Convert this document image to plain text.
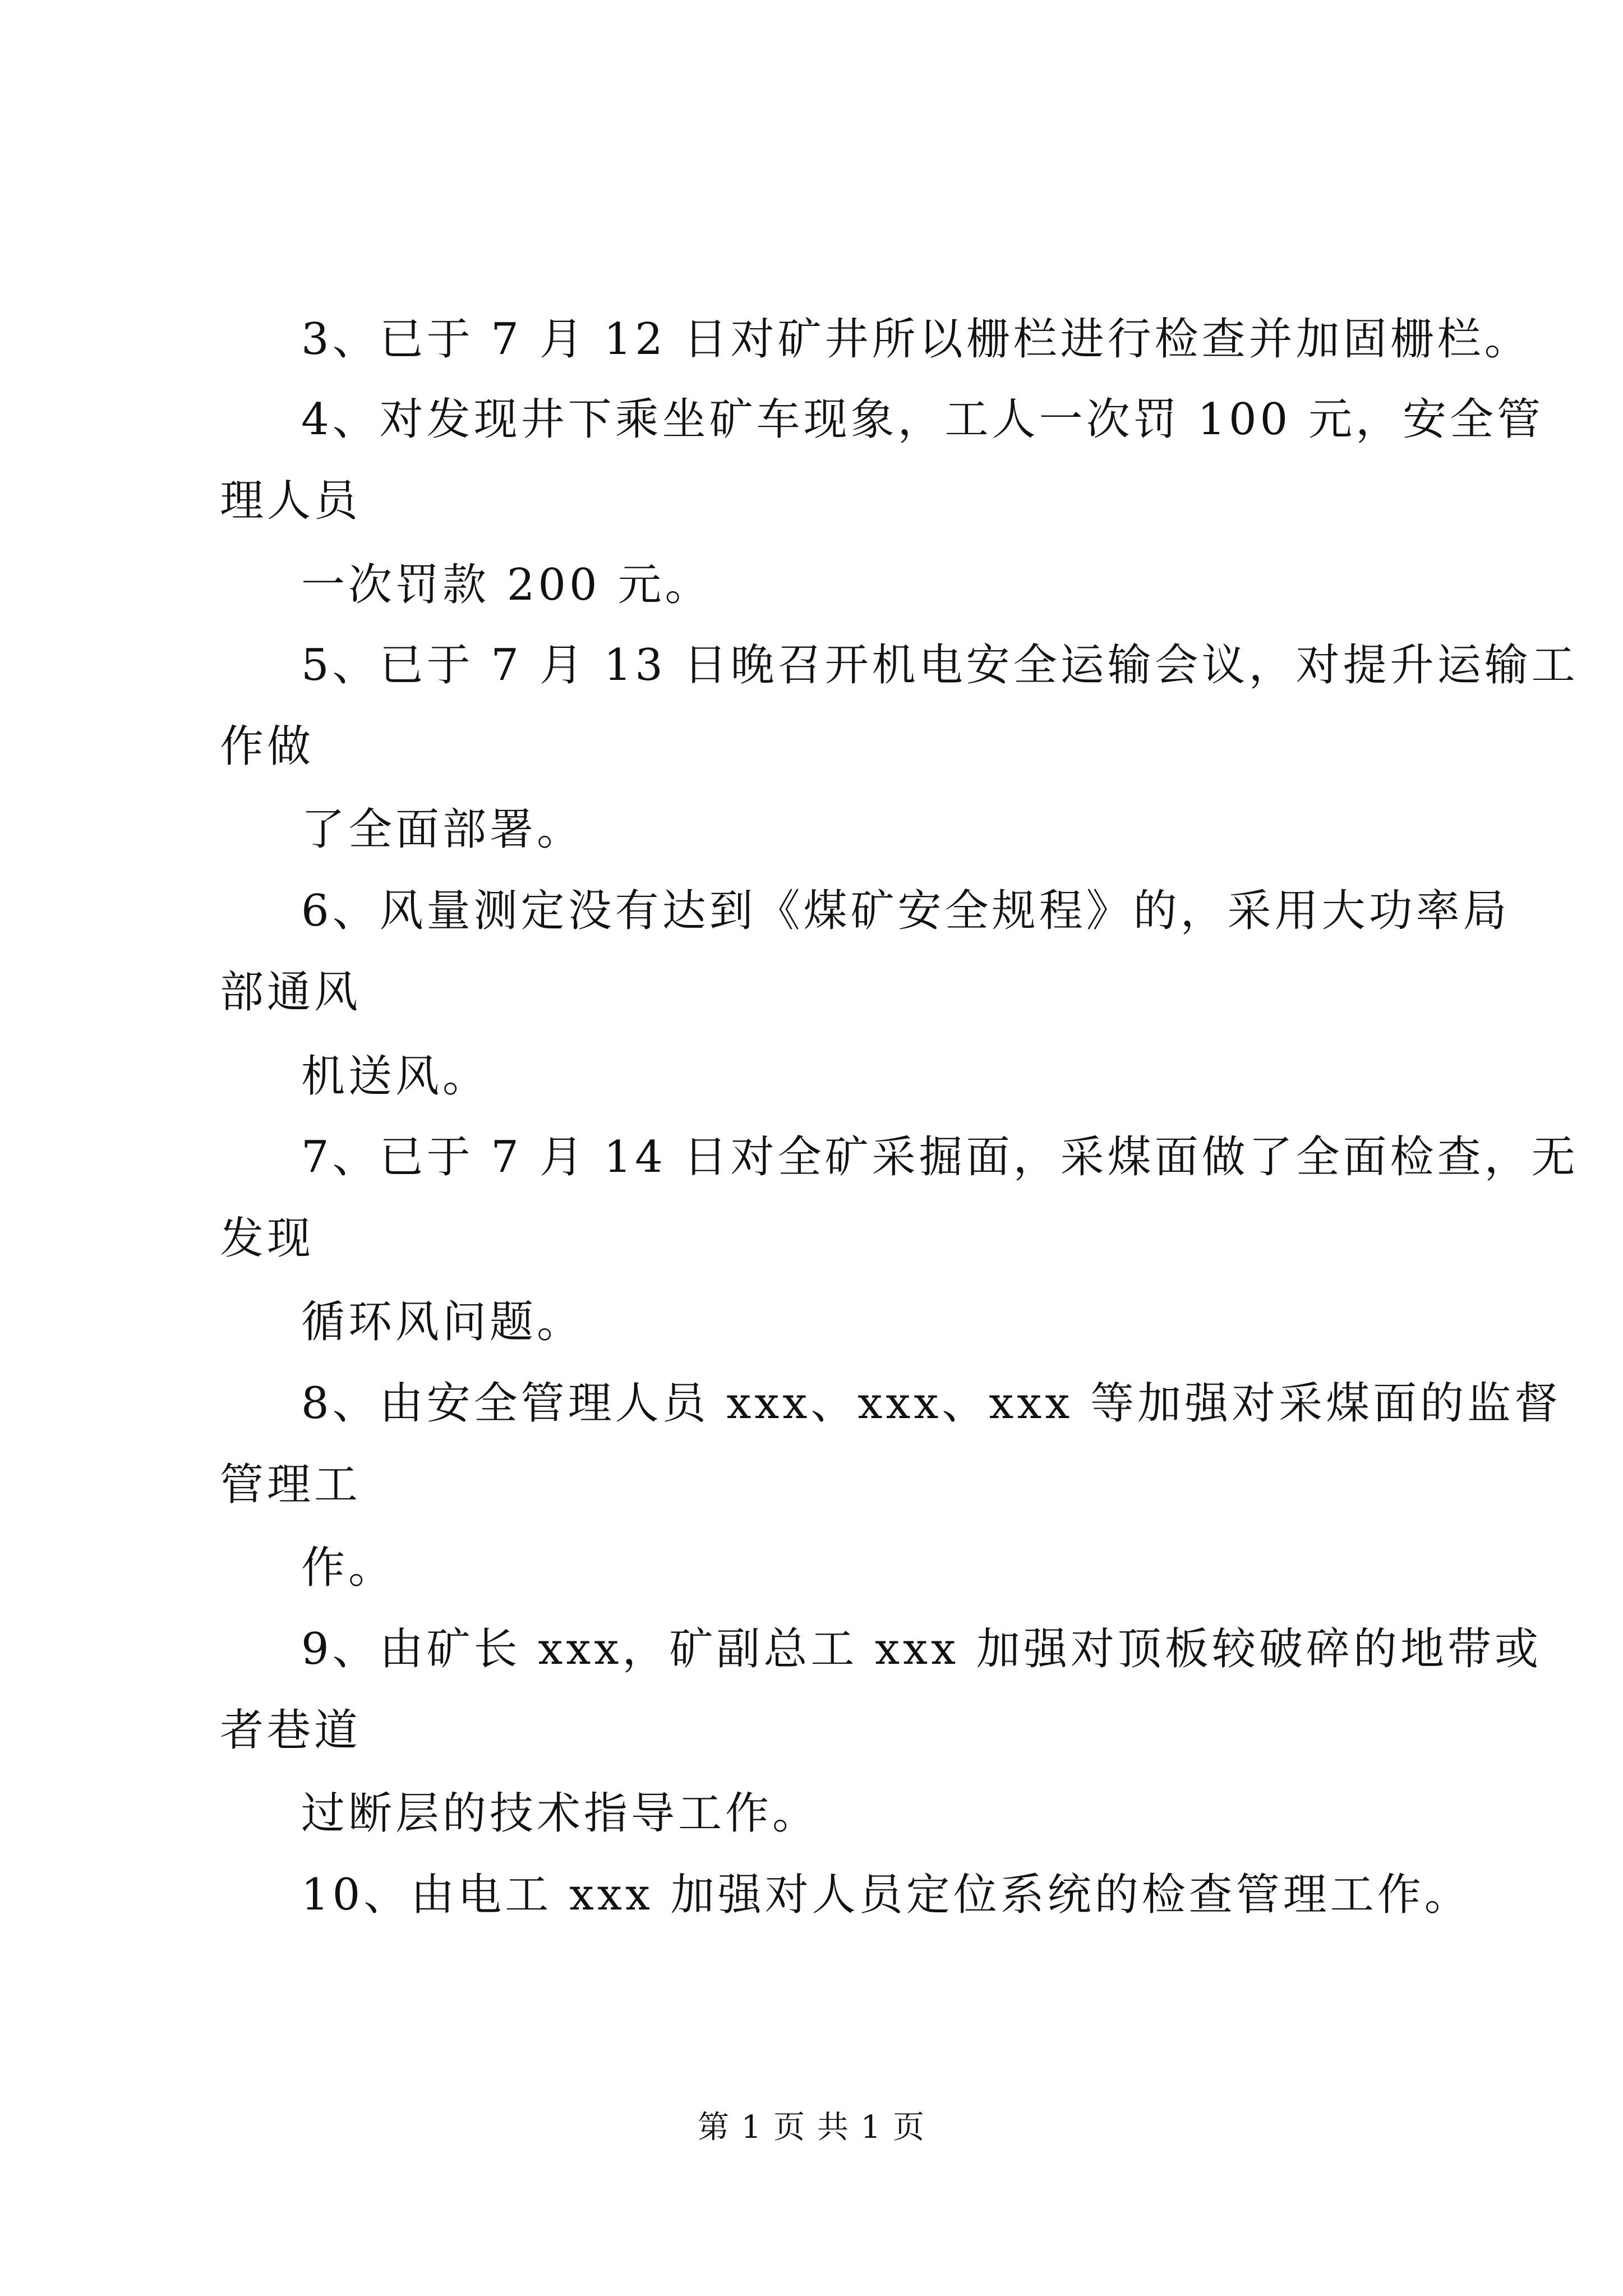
3、已于 7 月 12 日对矿井所以栅栏进行检查并加固栅栏。
4、对发现井下乘坐矿车现象，工人一次罚 100 元，安全管
理人员
一次罚款 200 元。
5、已于 7 月 13 日晚召开机电安全运输会议，对提升运输工
作做
了全面部署。
6、风量测定没有达到《煤矿安全规程》的，采用大功率局
部通风
机送风。
7、已于 7 月 14 日对全矿采掘面，采煤面做了全面检查，无
发现
循环风问题。
8、由安全管理人员 xxx、xxx、xxx 等加强对采煤面的监督
管理工
作。
9、由矿长 xxx，矿副总工 xxx 加强对顶板较破碎的地带或
者巷道
过断层的技术指导工作。
10、由电工 xxx 加强对人员定位系统的检查管理工作。
第 1 页 共 1 页
